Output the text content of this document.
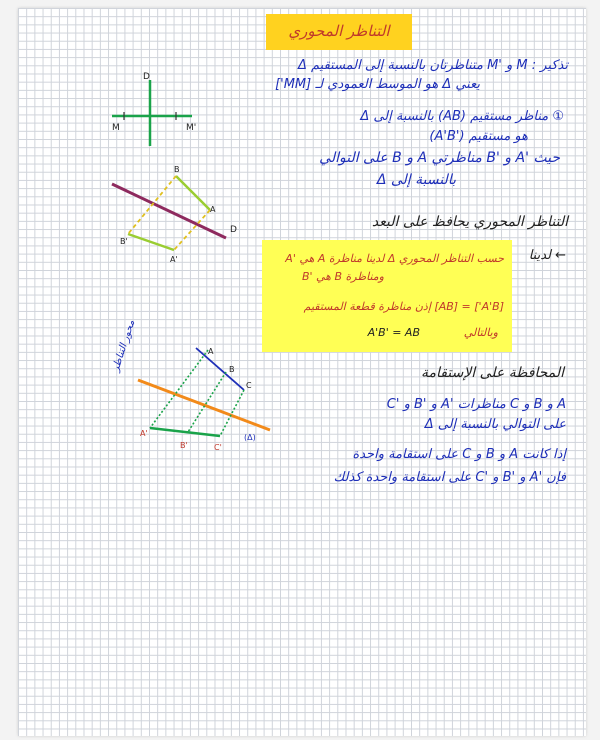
التناظر المحوري
تذكير : M و 'M متناظرتان بالنسبة إلى المستقيم Δ
يعني Δ هو الموسط العمودي لـ [MM']
① مناظر مستقيم (AB) بالنسبة إلى Δ
هو مستقيم ('A'B)
حيث 'A و 'B مناظرتي A و B على التوالي
بالنسبة إلى Δ
التناظر المحوري يحافظ على البعد
← لدينا
حسب التناظر المحوري Δ لدينا مناظرة A هي 'A
ومناظرة B هي 'B
[A'B'] = [AB] إذن مناظرة قطعة المستقيم
A'B' = AB	وبالتالي
المحافظة على الإستقامة
A و B و C مناظرات 'A و 'B و 'C
على التوالي بالنسبة إلى Δ
إذا كانت A و B و C على استقامة واحدة
فإن 'A و 'B و 'C على استقامة واحدة كذلك
D
M	M'
B
A
B'
A'
D
A
B
C
A'
B'	C'
(Δ)
محور التناظر
